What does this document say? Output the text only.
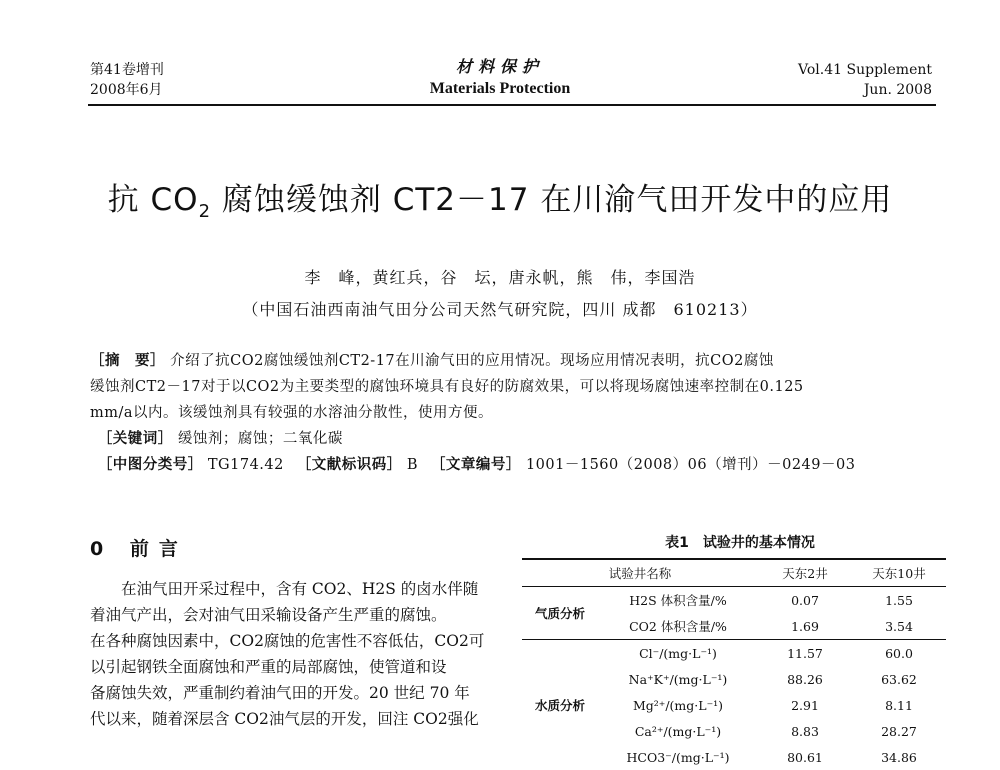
第41卷增刊
2008年6月
材料保护
Materials Protection
Vol.41 Supplement
Jun. 2008
抗 $CO_2$ 腐蚀缓蚀剂 CT2－17 在川渝气田开发中的应用
李　峰，黄红兵，谷　坛，唐永帆，熊　伟，李国浩
（中国石油西南油气田分公司天然气研究院，四川 成都　610213）
［摘　要］ 介绍了抗CO2腐蚀缓蚀剂CT2-17在川渝气田的应用情况。现场应用情况表明，抗CO2腐蚀
缓蚀剂CT2－17对于以CO2为主要类型的腐蚀环境具有良好的防腐效果，可以将现场腐蚀速率控制在0.125
mm/a以内。该缓蚀剂具有较强的水溶油分散性，使用方便。
　［关键词］ 缓蚀剂；腐蚀；二氧化碳
　［中图分类号］ TG174.42 　 ［文献标识码］ B 　 ［文章编号］ 1001－1560（2008）06（增刊）－0249－03
0 前言
　　在油气田开采过程中，含有 CO2、H2S 的卤水伴随
着油气产出，会对油气田采输设备产生严重的腐蚀。
在各种腐蚀因素中，CO2腐蚀的危害性不容低估，CO2可
以引起钢铁全面腐蚀和严重的局部腐蚀，使管道和设
备腐蚀失效，严重制约着油气田的开发。20 世纪 70 年
代以来，随着深层含 CO2油气层的开发，回注 CO2强化
表1　试验井的基本情况
试验井名称		天东2井	天东10井
气质分析	H2S 体积含量/%	0.07	1.55
	CO2 体积含量/%	1.69	3.54
水质分析	Cl⁻/(mg·L⁻¹)	11.57	60.0
	Na⁺K⁺/(mg·L⁻¹)	88.26	63.62
	Mg²⁺/(mg·L⁻¹)	2.91	8.11
	Ca²⁺/(mg·L⁻¹)	8.83	28.27
	HCO3⁻/(mg·L⁻¹)	80.61	34.86
